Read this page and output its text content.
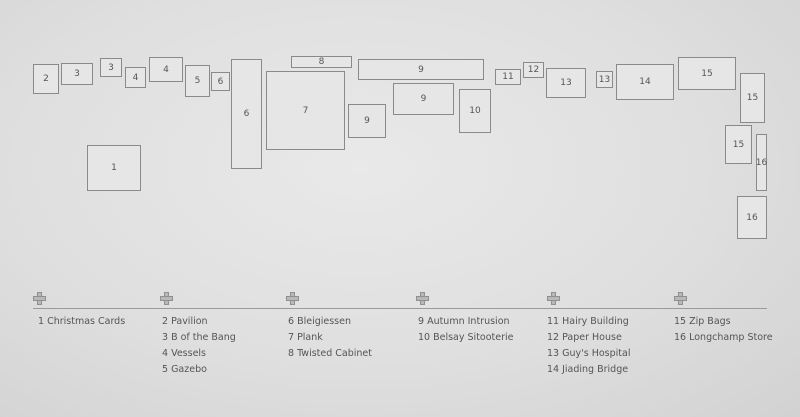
2	3
3
4
4
5	6
6
8
7
9
9
9
10
11
12
13	13	14
15
15
15
16
16
1
1 Christmas Cards	2 Pavilion
3 B of the Bang
4 Vessels
5 Gazebo
6 Bleigiessen
7 Plank
8 Twisted Cabinet
9 Autumn Intrusion
10 Belsay Sitooterie
11 Hairy Building
12 Paper House
13 Guy's Hospital
14 Jiading Bridge
15 Zip Bags
16 Longchamp Store
